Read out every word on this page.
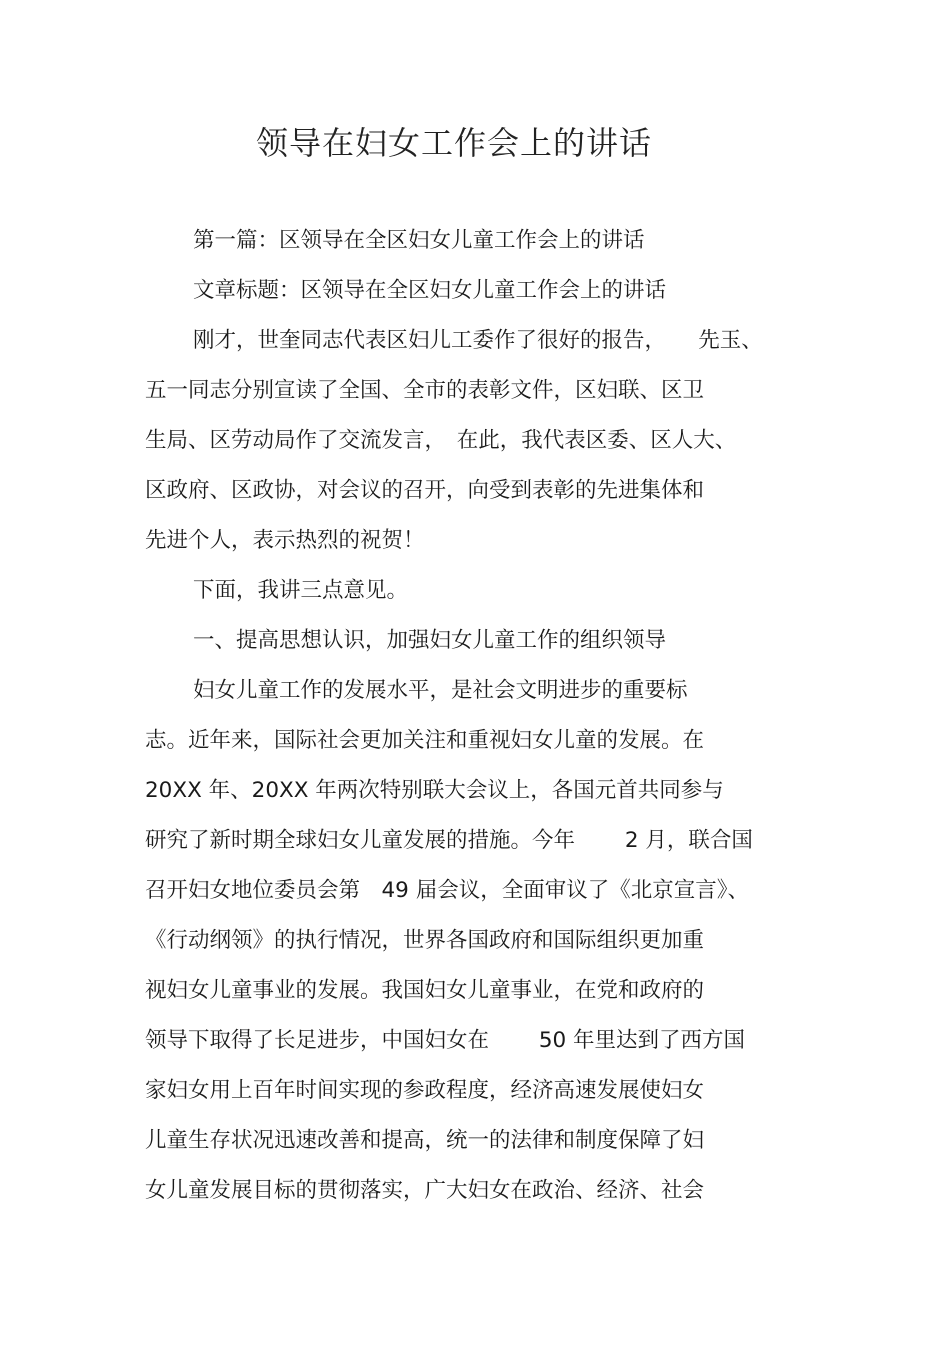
领导在妇女工作会上的讲话
第一篇：区领导在全区妇女儿童工作会上的讲话
文章标题：区领导在全区妇女儿童工作会上的讲话
刚才，世奎同志代表区妇儿工委作了很好的报告，　　先玉、
五一同志分别宣读了全国、全市的表彰文件，区妇联、区卫
生局、区劳动局作了交流发言，　在此，我代表区委、区人大、
区政府、区政协，对会议的召开，向受到表彰的先进集体和
先进个人，表示热烈的祝贺！
下面，我讲三点意见。
一、提高思想认识，加强妇女儿童工作的组织领导
妇女儿童工作的发展水平，是社会文明进步的重要标
志。近年来，国际社会更加关注和重视妇女儿童的发展。在
20XX 年、20XX 年两次特别联大会议上，各国元首共同参与
研究了新时期全球妇女儿童发展的措施。今年　　 2 月，联合国
召开妇女地位委员会第　49 届会议，全面审议了《北京宣言》、
《行动纲领》的执行情况，世界各国政府和国际组织更加重
视妇女儿童事业的发展。我国妇女儿童事业，在党和政府的
领导下取得了长足进步，中国妇女在　　 50 年里达到了西方国
家妇女用上百年时间实现的参政程度，经济高速发展使妇女
儿童生存状况迅速改善和提高，统一的法律和制度保障了妇
女儿童发展目标的贯彻落实，广大妇女在政治、经济、社会
